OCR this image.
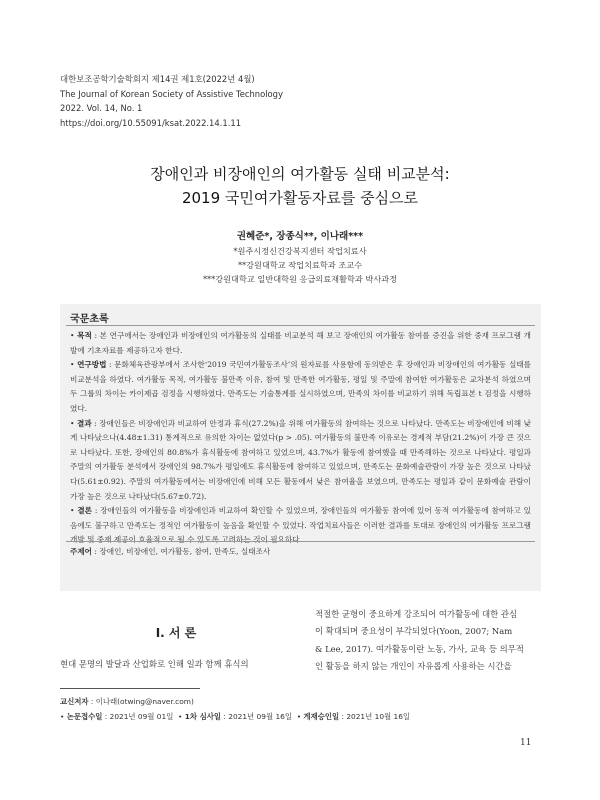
대한보조공학기술학회지 제14권 제1호(2022년 4월)
The Journal of Korean Society of Assistive Technology
2022. Vol. 14, No. 1
https://doi.org/10.55091/ksat.2022.14.1.11
장애인과 비장애인의 여가활동 실태 비교분석:
2019 국민여가활동자료를 중심으로
권혜준*, 장종식**, 이나래***
*원주시정신건강복지센터 작업치료사
**강원대학교 작업치료학과 조교수
***강원대학교 일반대학원 응급의료재활학과 박사과정
국문초록

• 목적 : 본 연구에서는 장애인과 비장애인의 여가활동의 실태를 비교분석 해 보고 장애인의 여가활동 참여를 증진을 위한 중재 프로그램 개발에 기초자료를 제공하고자 한다.

• 연구방법 : 문화체육관광부에서 조사한‘2019 국민여가활동조사’의 원자료를 사용함에 동의받은 후 장애인과 비장애인의 여가활동 실태를 비교분석을 하였다. 여가활동 목적, 여가활동 불만족 이유, 참여 및 만족한 여가활동, 평일 및 주말에 참여한 여가활동은 교차분석 하였으며 두 그룹의 차이는 카이제곱 검정을 시행하였다. 만족도는 기술통계를 실시하였으며, 만족의 차이를 비교하기 위해 독립표본 t 검정을 시행하였다.

• 결과 : 장애인들은 비장애인과 비교하여 안정과 휴식(27.2%)을 위해 여가활동의 참여하는 것으로 나타났다. 만족도는 비장애인에 비해 낮게 나타났으나(4.48±1.31) 통계적으로 유의한 차이는 없었다(p > .05). 여가활동의 불만족 이유로는 경제적 부담(21.2%)이 가장 큰 것으로 나타났다. 또한, 장애인의 80.8%가 휴식활동에 참여하고 있었으며, 43.7%가 활동에 참여했을 때 만족해하는 것으로 나타났다. 평일과 주말의 여가활동 분석에서 장애인의 98.7%가 평일에도 휴식활동에 참여하고 있었으며, 만족도는 문화예술관람이 가장 높은 것으로 나타났다(5.61±0.92). 주말의 여가활동에서는 비장애인에 비해 모든 활동에서 낮은 참여율을 보였으며, 만족도는 평일과 같이 문화예술 관람이 가장 높은 것으로 나타났다(5.67±0.72).

• 결론 : 장애인들의 여가활동을 비장애인과 비교하여 확인할 수 있었으며, 장애인들의 여가활동 참여에 있어 동적 여가활동에 참여하고 있음에도 불구하고 만족도는 정적인 여가활동이 높음을 확인할 수 있었다. 작업치료사들은 이러한 결과를 토대로 장애인의 여가활동 프로그램 개발 및 중재 제공이 효율적으로 될 수 있도록 고려하는 것이 필요하다.

주제어 : 장애인, 비장애인, 여가활동, 참여, 만족도, 실태조사
I. 서 론
현대 문명의 발달과 산업화로 인해 일과 함께 휴식의
적절한 균형이 중요하게 강조되어 여가활동에 대한 관심
이 확대되며 중요성이 부각되었다(Yoon, 2007; Nam
& Lee, 2017). 여가활동이란 노동, 가사, 교육 등 의무적
인 활동을 하지 않는 개인이 자유롭게 사용하는 시간을
교신저자 : 이나래(otwing@naver.com)
• 논문접수일 : 2021년 09월 01일  • 1차 심사일 : 2021년 09월 16일  • 게재승인일 : 2021년 10월 16일
11
